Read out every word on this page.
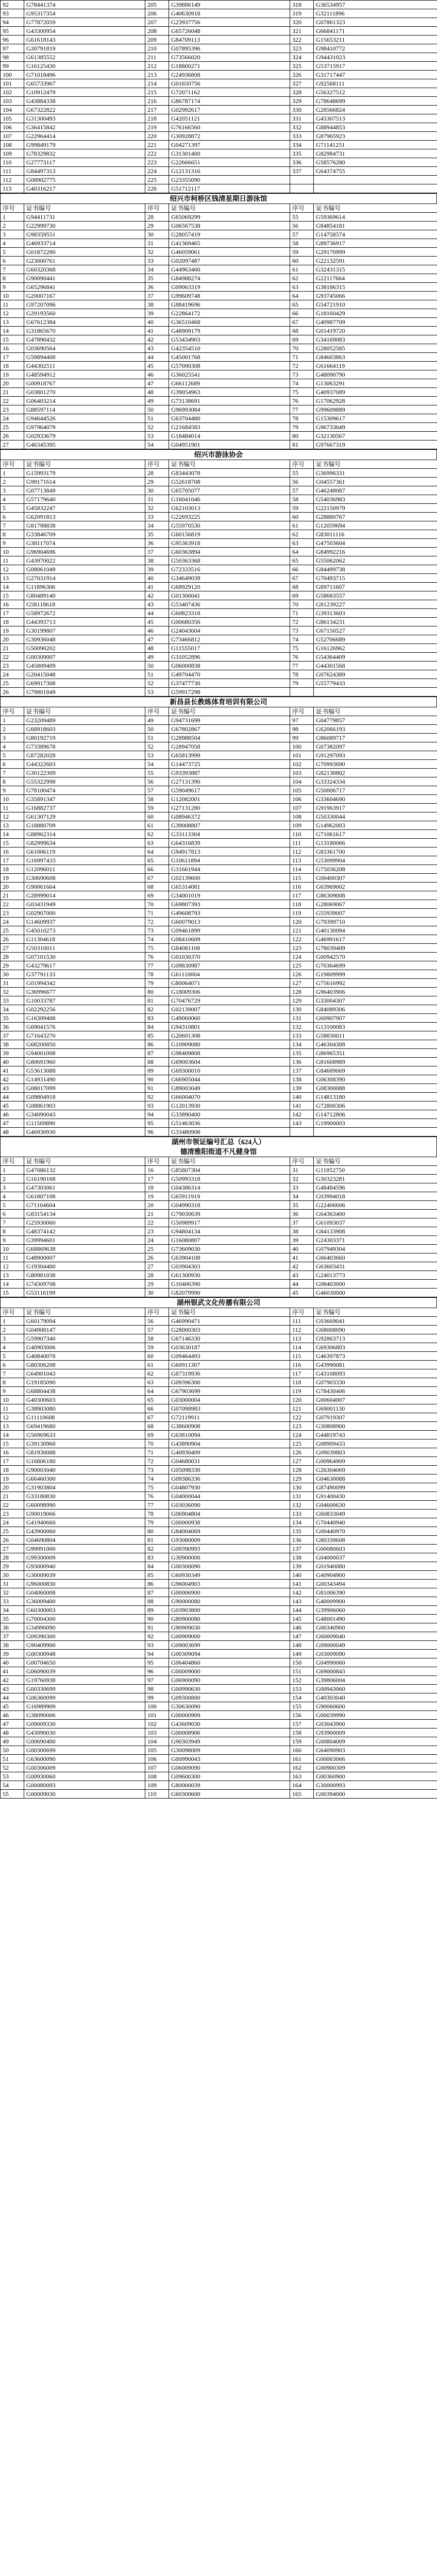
92	G78441374	205	G39886149	318	G36534957
93	G95317354	206	G40630918	319	G32111896
94	G77872059	207	G23937756	320	G07861323
95	G43300954	208	G65726048	321	G66841171
96	G61618143	209	G84709113	322	G15653211
97	G30791819	210	G07895396	323	G98410772
98	G61385552	211	G73566020	324	G94431023
99	G16125430	212	G18800271	325	G53715917
100	G71018496	213	G24936808	326	G31717447
101	G65733967	214	G01650756	327	G92568111
102	G10912479	215	G72071162	328	G56327512
103	G43884338	216	G86787174	329	G78648699
104	G67322822	217	G02992617	330	G28566824
105	G31300493	218	G42051121	331	G45307513
106	G36415842	219	G76166560	332	G88944853
107	G22964414	220	G30928872	333	G87965923
108	G99849179	221	G04271397	334	G71141251
109	G78329832	222	G31301400	335	G82984731
110	G27773117	223	G22666651	336	G58576280
111	G84497313	224	G12131316	337	G64374755
112	G08902775	225	G23355090		
113	G40316217	226	G51712117		
绍兴市柯桥区钱清星期日游泳馆
序号	证书编号	序号	证书编号	序号	证书编号
1	G94411731	28	G65069299	55	G59369614
2	G22999730	29	G06567538	56	G84854181
3	G98359551	30	G28057419	57	G14758574
4	G46933714	31	G41369465	58	G89736917
5	G01872280	32	G46059061	59	G29170999
6	G23000761	33	G02097487	60	G22132591
7	G60320368	34	G44963460	61	G32431315
8	G90090441	35	G84988274	62	G22117664
9	G65296841	36	G09063319	63	G38186315
10	G20007167	37	G99609748	64	G93745066
11	G97207096	38	G88419696	65	G54721910
12	G29193560	39	G22864172	66	G18160429
13	G67612384	40	G36510468	67	G40987709
14	G31865670	41	G48909179	68	G01419720
15	G47890432	42	G53434903	69	G34169083
16	G03690564	43	G42354510	70	G28052585
17	G59894408	44	G45001768	71	G84603863
18	G44302511	45	G57090308	72	G61664119
19	G48594912	46	G36025541	73	G48090790
20	G00918767	47	G66112689	74	G13063291
21	G03801270	48	G39054963	75	G40937089
22	G06403214	49	G73138691	76	G17062928
23	G88597114	50	G96993084	77	G99609889
24	G94644526	51	G63704480	78	G15309617
25	G97964079	52	G21684583	79	G96733049
26	G02933679	53	G18484014	80	G32130567
27	G46345395	54	G04951901	81	G97667319
绍兴市游泳协会
序号	证书编号	序号	证书编号	序号	证书编号
1	G15993179	28	G83443078	55	G36996331
2	G99171614	29	G52618708	56	G04557361
3	G07713849	30	G65705077	57	G46248087
4	G57179640	31	G16041046	58	G54036983
5	G45832247	32	G62103013	59	G22150979
6	G62091813	33	G22693225	60	G28880767
7	G81798838	34	G55970530	61	G12059694
8	G33846709	35	G60156819	62	G83011116
9	G38117074	36	G95363918	63	G47503604
10	G96904696	37	G60363894	64	G84992216
11	G43970022	38	G50363368	65	G55062062
12	G08061049	39	G72333516	66	G84499738
13	G27031914	40	G34649039	67	G70493715
14	G11896306	41	G68929120	68	G89711607
15	G80489140	42	G01306041	69	G58683557
16	G58118618	43	G53407436	70	G81239227
17	G58972672	44	G60823318	71	G39313603
18	G44393713	45	G00680356	72	G86134231
19	G30199807	46	G24043004	73	G67150527
20	G30936048	47	G73466812	74	G52706689
21	G50090202	48	G11555017	75	G16126962
22	G00309007	49	G31052896	76	G54364409
23	G45809409	50	G06000838	77	G44301568
24	G20415048	51	G49704470	78	G07624389
25	G69917308	52	G37477730	79	G55779433
26	G79801849	53	G59917298		
新昌县长教练体育培训有限公司
序号	证书编号	序号	证书编号	序号	证书编号
1	G23209489	49	G94731699	97	G04779857
2	G68918603	50	G67802867	98	G62066193
3	G80192719	51	G28988504	99	G86089717
4	G73389678	52	G28947058	100	G07382097
5	G87282028	53	G65813999	101	G91297093
6	G44322603	54	G14473725	102	G70993690
7	G30122309	55	G93393887	103	G82130802
8	G55322998	56	G27131390	104	G33324334
9	G78100474	57	G59049617	105	G50006717
10	G35891347	58	G12082001	106	G33604690
11	G16882737	59	G27131280	107	G91963917
12	G61307129	60	G08946372	108	G50330044
13	G18880709	61	G39008807	109	G14962003
14	G88962314	62	G33113304	110	G71061617
15	G82999634	63	G64316839	111	G13180066
16	G61006119	64	G94917813	112	G83361700
17	G16997433	65	G10611894	113	G53099904
18	G12096011	66	G31661944	114	G75036208
19	G30690608	67	G02139600	115	G00400307
20	G90061664	68	G65314081	116	G63969002
21	G28999014	69	G34001019	117	G86309008
22	G03431949	70	G69807393	118	G28069067
23	G02907000	71	G49608793	119	G55939007
24	G14609937	72	G60079013	120	G79399710
25	G45010273	73	G09461899	121	G40130094
26	G11304618	74	G08410609	122	G46991617
27	G50310011	75	G84081108	123	G78039409
28	G07101530	76	G01030370	124	G00942570
29	G43279617	77	G09830987	125	G70364699
30	G37791133	78	G61110004	126	G19809999
31	G01994342	79	G80064071	127	G75616992
32	G36996677	80	G18009306	128	G96403906
33	G10033787	81	G70476729	129	G33004307
34	G02292256	82	G02139007	130	G84089306
35	G16309408	83	G49060060	131	G60907907
36	G69041576	84	G94310801	132	G13100083
37	G71643270	85	G20601308	133	G58830011
38	G68200850	86	G10909080	134	G46304308
39	G94001008	87	G98409808	135	G86965351
40	G80691960	88	G69003604	136	G81668989
41	G53613088	89	G69300010	137	G84689069
42	G14931490	90	G66905044	138	G06308390
43	G08017099	91	G89003049	139	G08300088
44	G09804918	92	G66004070	140	G14813180
45	G08861903	93	G12013930	141	G72800306
46	G34090043	94	G33890400	142	G14712806
47	G11569890	95	G51463036	143	G19900003
48	G46930930	96	G33480908		
湖州市领证编号汇总（624人）
德清雅阳街道不凡健身馆
序号	证书编号	序号	证书编号	序号	证书编号
1	G47086132	16	G85807304	31	G11852750
2	G16190168	17	G50993318	32	G30323281
3	G47303061	18	G04386314	33	G48484596
4	G61807108	19	G65911919	34	G03994018
5	G71104604	20	G04990318	35	G22406606
6	G83154134	21	G79030639	36	G64363400
7	G25930060	22	G50989917	37	G61093037
8	G48374142	23	G94804134	38	G84133908
9	G39994601	24	G16080807	39	G24303371
10	G68869638	25	G73609030	40	G07949304
11	G48900007	26	G63904108	41	G66403660
12	G19304400	27	G03904303	42	G63603431
13	G80981038	28	G61300930	43	G24013773
14	G74309708	29	G10406390	44	G08403000
15	G53116199	30	G82079990	45	G46030000
湖州银武文化传播有限公司
序号	证书编号	序号	证书编号	序号	证书编号
1	G60179094	56	G46990471	111	G03669041
2	G04908147	57	G28000303	112	G68008690
3	G59907340	58	G67146330	113	G92863713
4	G40903006	59	G03630187	114	G69306803
5	G40840078	60	G09464493	115	G46397873
6	G80306208	61	G60911307	116	G43990081
7	G64901043	62	G87319936	117	G43108093
8	G19185090	63	G09396300	118	G07903330
9	G68804438	64	G67903699	119	G78430406
10	G40300603	65	G03000004	120	G00604007
11	G38903080	66	G07098983	121	G69001130
12	G11110608	67	G72119911	122	G07919307
13	G69419680	68	G38600908	123	G30808900
14	G56969633	69	G63810094	124	G44819743
15	G39130968	70	G43890904	125	G08909433
16	G81930088	71	G40930409	126	G09039803
17	G16806180	72	G04680031	127	G00964909
18	G90003040	73	G05098330	128	G26304069
19	G66460300	74	G09386336	129	G04630088
20	G31903804	75	G04807930	130	G87490099
21	G33180830	76	G04000044	131	G91400430
22	G60098990	77	G03036090	132	G04600630
23	G90019066	78	G06904804	133	G60833049
24	G41940660	79	G00000938	134	G70440940
25	G43900060	80	G84004069	135	G00440970
26	G04690804	81	G93080009	136	G80339608
27	G99991000	82	G09390993	137	G00080603
28	G99300009	83	G30900000	138	G04000037
29	G93000940	84	G00300090	139	G01940080
30	G30009039	85	G60930349	140	G40904900
31	G96000830	86	G96004903	141	G00343494
32	G04060008	87	G00006900	142	G81006390
33	G36009400	88	G90000080	143	G40009900
34	G60300003	89	G03903800	144	G39906060
35	G70004300	90	G80900080	145	G48001490
36	G34990090	91	G90909030	146	G00340900
37	G09390300	92	G00909000	147	G60009040
38	G90409900	93	G09003699	148	G09000049
39	G00300948	94	G00309094	149	G03009090
40	G00704650	95	G06404860	150	G04990060
41	G06090039	96	G00009000	151	G69000843
42	G19760938	97	G06900090	152	G39806004
43	G00330699	98	G00990630	153	G00943060
44	G06360099	99	G09300800	154	G40303040
45	G16989909	100	G30630090	155	G90060600
46	G38090006	101	G00000909	156	G00039990
47	G09009330	102	G43609030	157	G03043900
48	G43090030	103	G00008906	158	G93900009
49	G00690400	104	G90303949	159	G00804009
50	G00300699	105	G30098009	160	G64090903
51	G63600090	106	G00990043	161	G00003066
52	G00306009	107	G06009090	162	G00900309
53	G00930060	108	G09600300	163	G00360900
54	G00080093	109	G80000039	164	G30000993
55	G00009030	110	G60300600	165	G00394000
